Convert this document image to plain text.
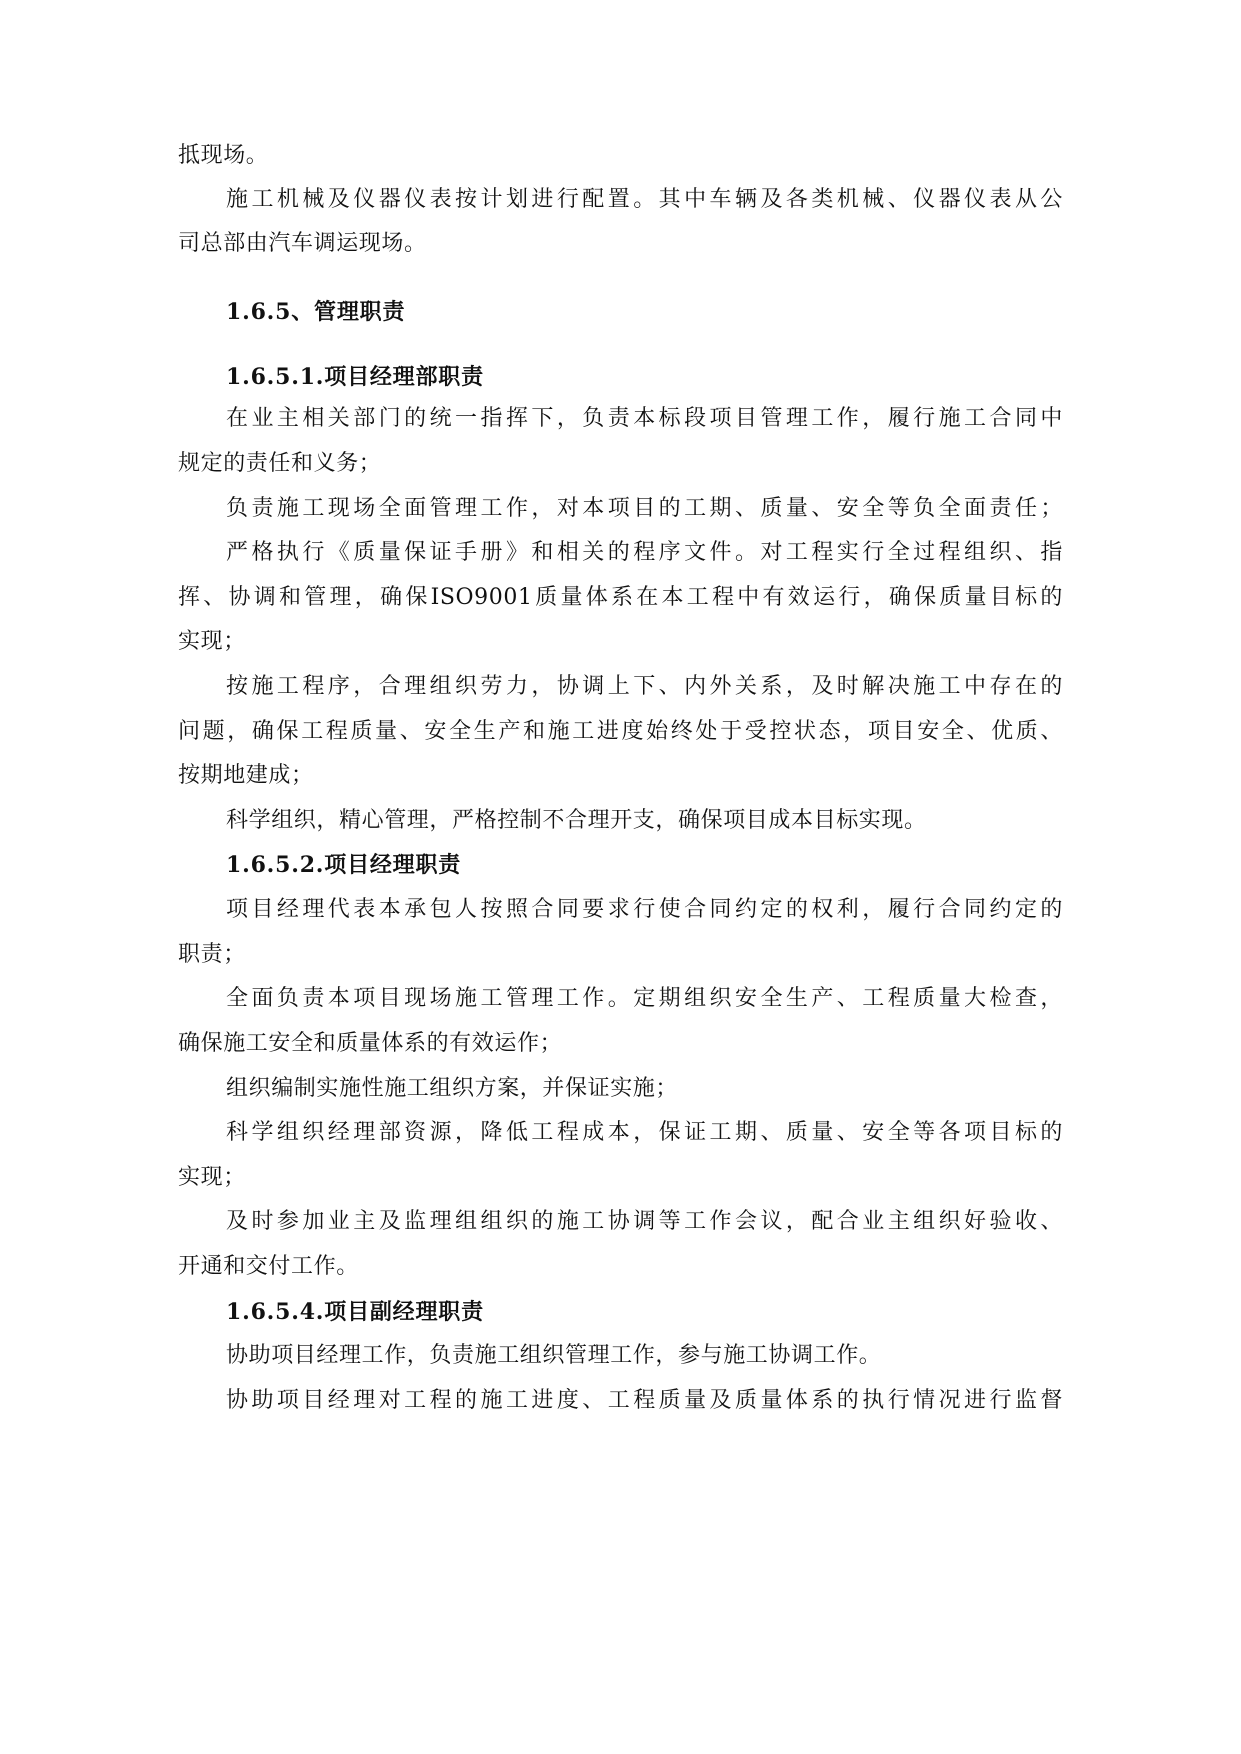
抵现场。
施工机械及仪器仪表按计划进行配置。其中车辆及各类机械、仪器仪表从公
司总部由汽车调运现场。
1.6.5、管理职责
1.6.5.1.项目经理部职责
在业主相关部门的统一指挥下，负责本标段项目管理工作，履行施工合同中
规定的责任和义务；
负责施工现场全面管理工作，对本项目的工期、质量、安全等负全面责任；
严格执行《质量保证手册》和相关的程序文件。对工程实行全过程组织、指
挥、协调和管理，确保ISO9001质量体系在本工程中有效运行，确保质量目标的
实现；
按施工程序，合理组织劳力，协调上下、内外关系，及时解决施工中存在的
问题，确保工程质量、安全生产和施工进度始终处于受控状态，项目安全、优质、
按期地建成；
科学组织，精心管理，严格控制不合理开支，确保项目成本目标实现。
1.6.5.2.项目经理职责
项目经理代表本承包人按照合同要求行使合同约定的权利，履行合同约定的
职责；
全面负责本项目现场施工管理工作。定期组织安全生产、工程质量大检查，
确保施工安全和质量体系的有效运作；
组织编制实施性施工组织方案，并保证实施；
科学组织经理部资源，降低工程成本，保证工期、质量、安全等各项目标的
实现；
及时参加业主及监理组组织的施工协调等工作会议，配合业主组织好验收、
开通和交付工作。
1.6.5.4.项目副经理职责
协助项目经理工作，负责施工组织管理工作，参与施工协调工作。
协助项目经理对工程的施工进度、工程质量及质量体系的执行情况进行监督
